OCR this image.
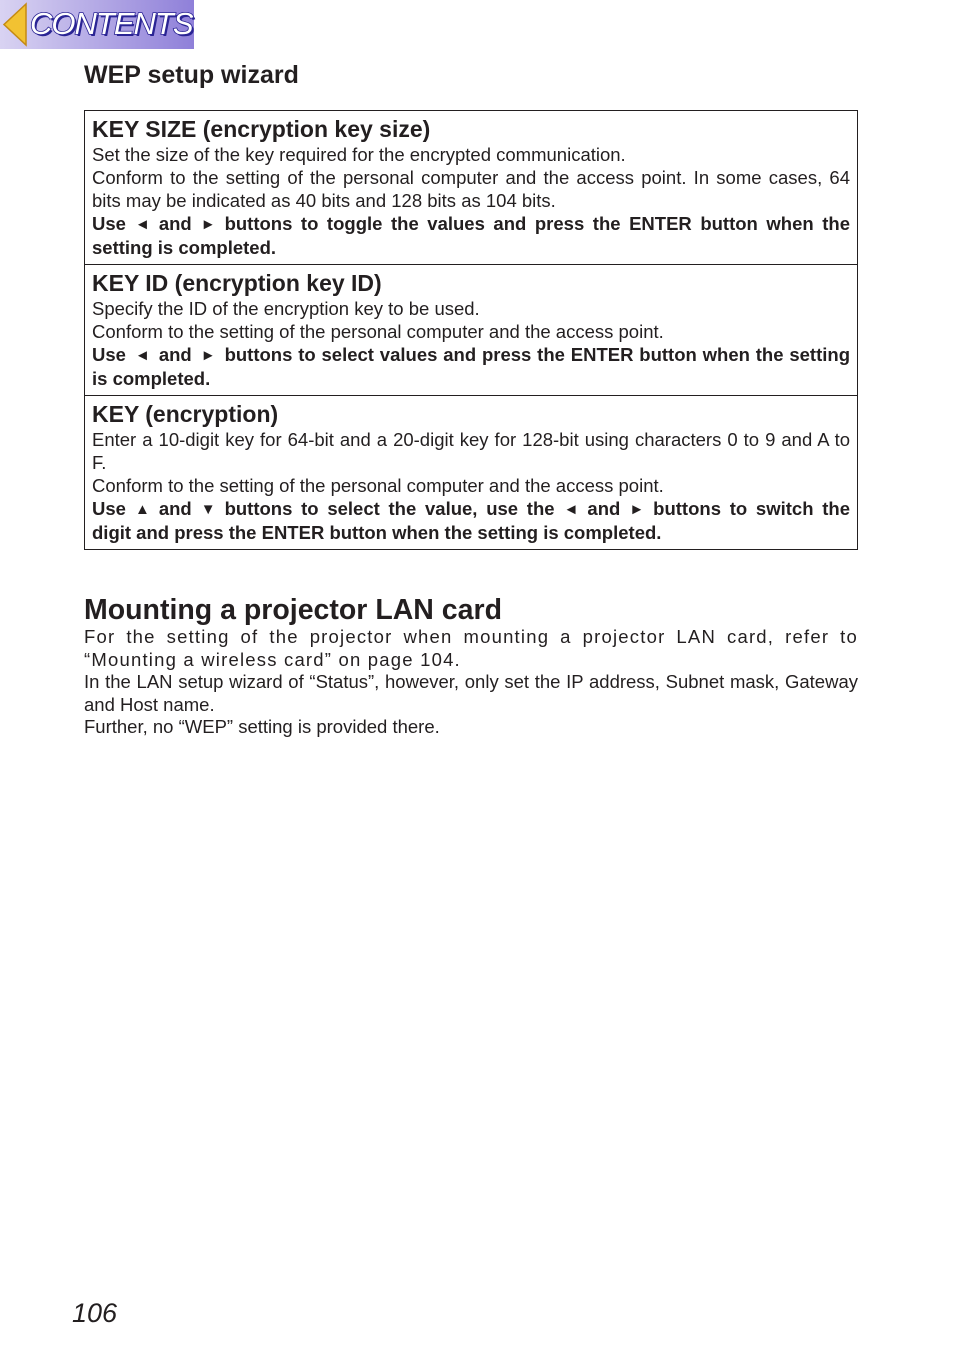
CONTENTS
WEP setup wizard

KEY SIZE (encryption key size)

Set the size of the key required for the encrypted communication.

Conform to the setting of the personal computer and the access point. In some cases, 64 bits may be indicated as 40 bits and 128 bits as 104 bits.

Use ◄ and ► buttons to toggle the values and press the ENTER button when the setting is completed.

KEY ID (encryption key ID)

Specify the ID of the encryption key to be used.

Conform to the setting of the personal computer and the access point.

Use ◄ and ► buttons to select values and press the ENTER button when the setting is completed.

KEY (encryption)

Enter a 10-digit key for 64-bit and a 20-digit key for 128-bit using characters 0 to 9 and A to F.

Conform to the setting of the personal computer and the access point.

Use ▲ and ▼ buttons to select the value, use the ◄ and ► buttons to switch the digit and press the ENTER button when the setting is completed.

Mounting a projector LAN card

For the setting of the projector when mounting a projector LAN card, refer to “Mounting a wireless card” on page 104.

In the LAN setup wizard of “Status”, however, only set the IP address, Subnet mask, Gateway and Host name.

Further, no “WEP” setting is provided there.

106
